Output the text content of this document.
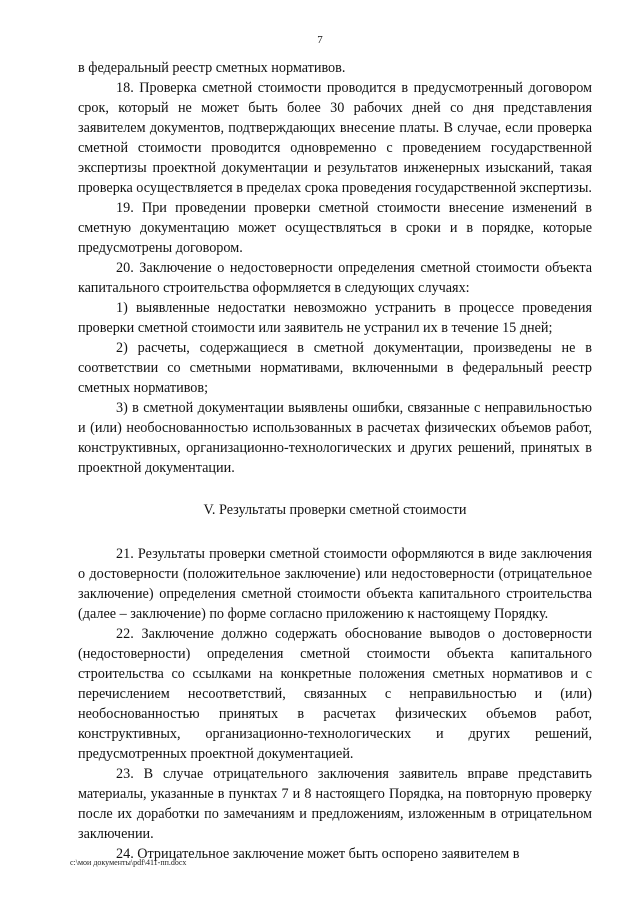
7

в федеральный реестр сметных нормативов.

18. Проверка сметной стоимости проводится в предусмотренный договором срок, который не может быть более 30 рабочих дней со дня представления заявителем документов, подтверждающих внесение платы. В случае, если проверка сметной стоимости проводится одновременно с проведением государственной экспертизы проектной документации и результатов инженерных изысканий, такая проверка осуществляется в пределах срока проведения государственной экспертизы.

19. При проведении проверки сметной стоимости внесение изменений в сметную документацию может осуществляться в сроки и в порядке, которые предусмотрены договором.

20. Заключение о недостоверности определения сметной стоимости объекта капитального строительства оформляется в следующих случаях:

1) выявленные недостатки невозможно устранить в процессе проведения проверки сметной стоимости или заявитель не устранил их в течение 15 дней;

2) расчеты, содержащиеся в сметной документации, произведены не в соответствии со сметными нормативами, включенными в федеральный реестр сметных нормативов;

3) в сметной документации выявлены ошибки, связанные с неправильностью и (или) необоснованностью использованных в расчетах физических объемов работ, конструктивных, организационно-технологических и других решений, принятых в проектной документации.

V. Результаты проверки сметной стоимости

21. Результаты проверки сметной стоимости оформляются в виде заключения о достоверности (положительное заключение) или недостоверности (отрицательное заключение) определения сметной стоимости объекта капитального строительства (далее – заключение) по форме согласно приложению к настоящему Порядку.

22. Заключение должно содержать обоснование выводов о достоверности (недостоверности) определения сметной стоимости объекта капитального строительства со ссылками на конкретные положения сметных нормативов и с перечислением несоответствий, связанных с неправильностью и (или) необоснованностью принятых в расчетах физических объемов работ, конструктивных, организационно-технологических и других решений, предусмотренных проектной документацией.

23. В случае отрицательного заключения заявитель вправе представить материалы, указанные в пунктах 7 и 8 настоящего Порядка, на повторную проверку после их доработки по замечаниям и предложениям, изложенным в отрицательном заключении.

24. Отрицательное заключение может быть оспорено заявителем в

c:\мои документы\pdf\411-пп.docx
